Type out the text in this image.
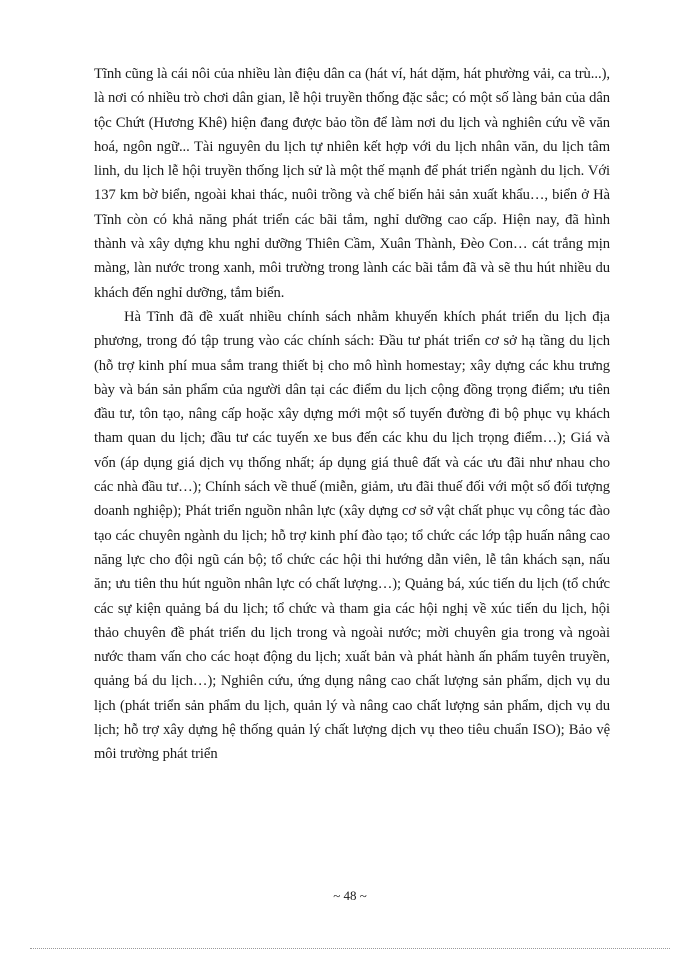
Tĩnh cũng là cái nôi của nhiều làn điệu dân ca (hát ví, hát dặm, hát phường vải, ca trù...), là nơi có nhiều trò chơi dân gian, lễ hội truyền thống đặc sắc; có một số làng bản của dân tộc Chứt (Hương Khê) hiện đang được bảo tồn để làm nơi du lịch và nghiên cứu về văn hoá, ngôn ngữ... Tài nguyên du lịch tự nhiên kết hợp với du lịch nhân văn, du lịch tâm linh, du lịch lễ hội truyền thống lịch sử là một thế mạnh để phát triển ngành du lịch. Với 137 km bờ biển, ngoài khai thác, nuôi trồng và chế biến hải sản xuất khẩu…, biển ở Hà Tĩnh còn có khả năng phát triển các bãi tắm, nghỉ dưỡng cao cấp. Hiện nay, đã hình thành và xây dựng khu nghỉ dưỡng Thiên Cầm, Xuân Thành, Đèo Con… cát trắng mịn màng, làn nước trong xanh, môi trường trong lành các bãi tắm đã và sẽ thu hút nhiều du khách đến nghỉ dưỡng, tắm biển.

Hà Tĩnh đã đề xuất nhiều chính sách nhằm khuyến khích phát triển du lịch địa phương, trong đó tập trung vào các chính sách: Đầu tư phát triển cơ sở hạ tầng du lịch (hỗ trợ kinh phí mua sắm trang thiết bị cho mô hình homestay; xây dựng các khu trưng bày và bán sản phẩm của người dân tại các điểm du lịch cộng đồng trọng điểm; ưu tiên đầu tư, tôn tạo, nâng cấp hoặc xây dựng mới một số tuyến đường đi bộ phục vụ khách tham quan du lịch; đầu tư các tuyến xe bus đến các khu du lịch trọng điểm…); Giá và vốn (áp dụng giá dịch vụ thống nhất; áp dụng giá thuê đất và các ưu đãi như nhau cho các nhà đầu tư…); Chính sách về thuế (miễn, giảm, ưu đãi thuế đối với một số đối tượng doanh nghiệp); Phát triển nguồn nhân lực (xây dựng cơ sở vật chất phục vụ công tác đào tạo các chuyên ngành du lịch; hỗ trợ kinh phí đào tạo; tổ chức các lớp tập huấn nâng cao năng lực cho đội ngũ cán bộ; tổ chức các hội thi hướng dẫn viên, lễ tân khách sạn, nấu ăn; ưu tiên thu hút nguồn nhân lực có chất lượng…); Quảng bá, xúc tiến du lịch (tổ chức các sự kiện quảng bá du lịch; tổ chức và tham gia các hội nghị về xúc tiến du lịch, hội thảo chuyên đề phát triển du lịch trong và ngoài nước; mời chuyên gia trong và ngoài nước tham vấn cho các hoạt động du lịch; xuất bản và phát hành ấn phẩm tuyên truyền, quảng bá du lịch…); Nghiên cứu, ứng dụng nâng cao chất lượng sản phẩm, dịch vụ du lịch (phát triển sản phẩm du lịch, quản lý và nâng cao chất lượng sản phẩm, dịch vụ du lịch; hỗ trợ xây dựng hệ thống quản lý chất lượng dịch vụ theo tiêu chuẩn ISO); Bảo vệ môi trường phát triển

~ 48 ~
